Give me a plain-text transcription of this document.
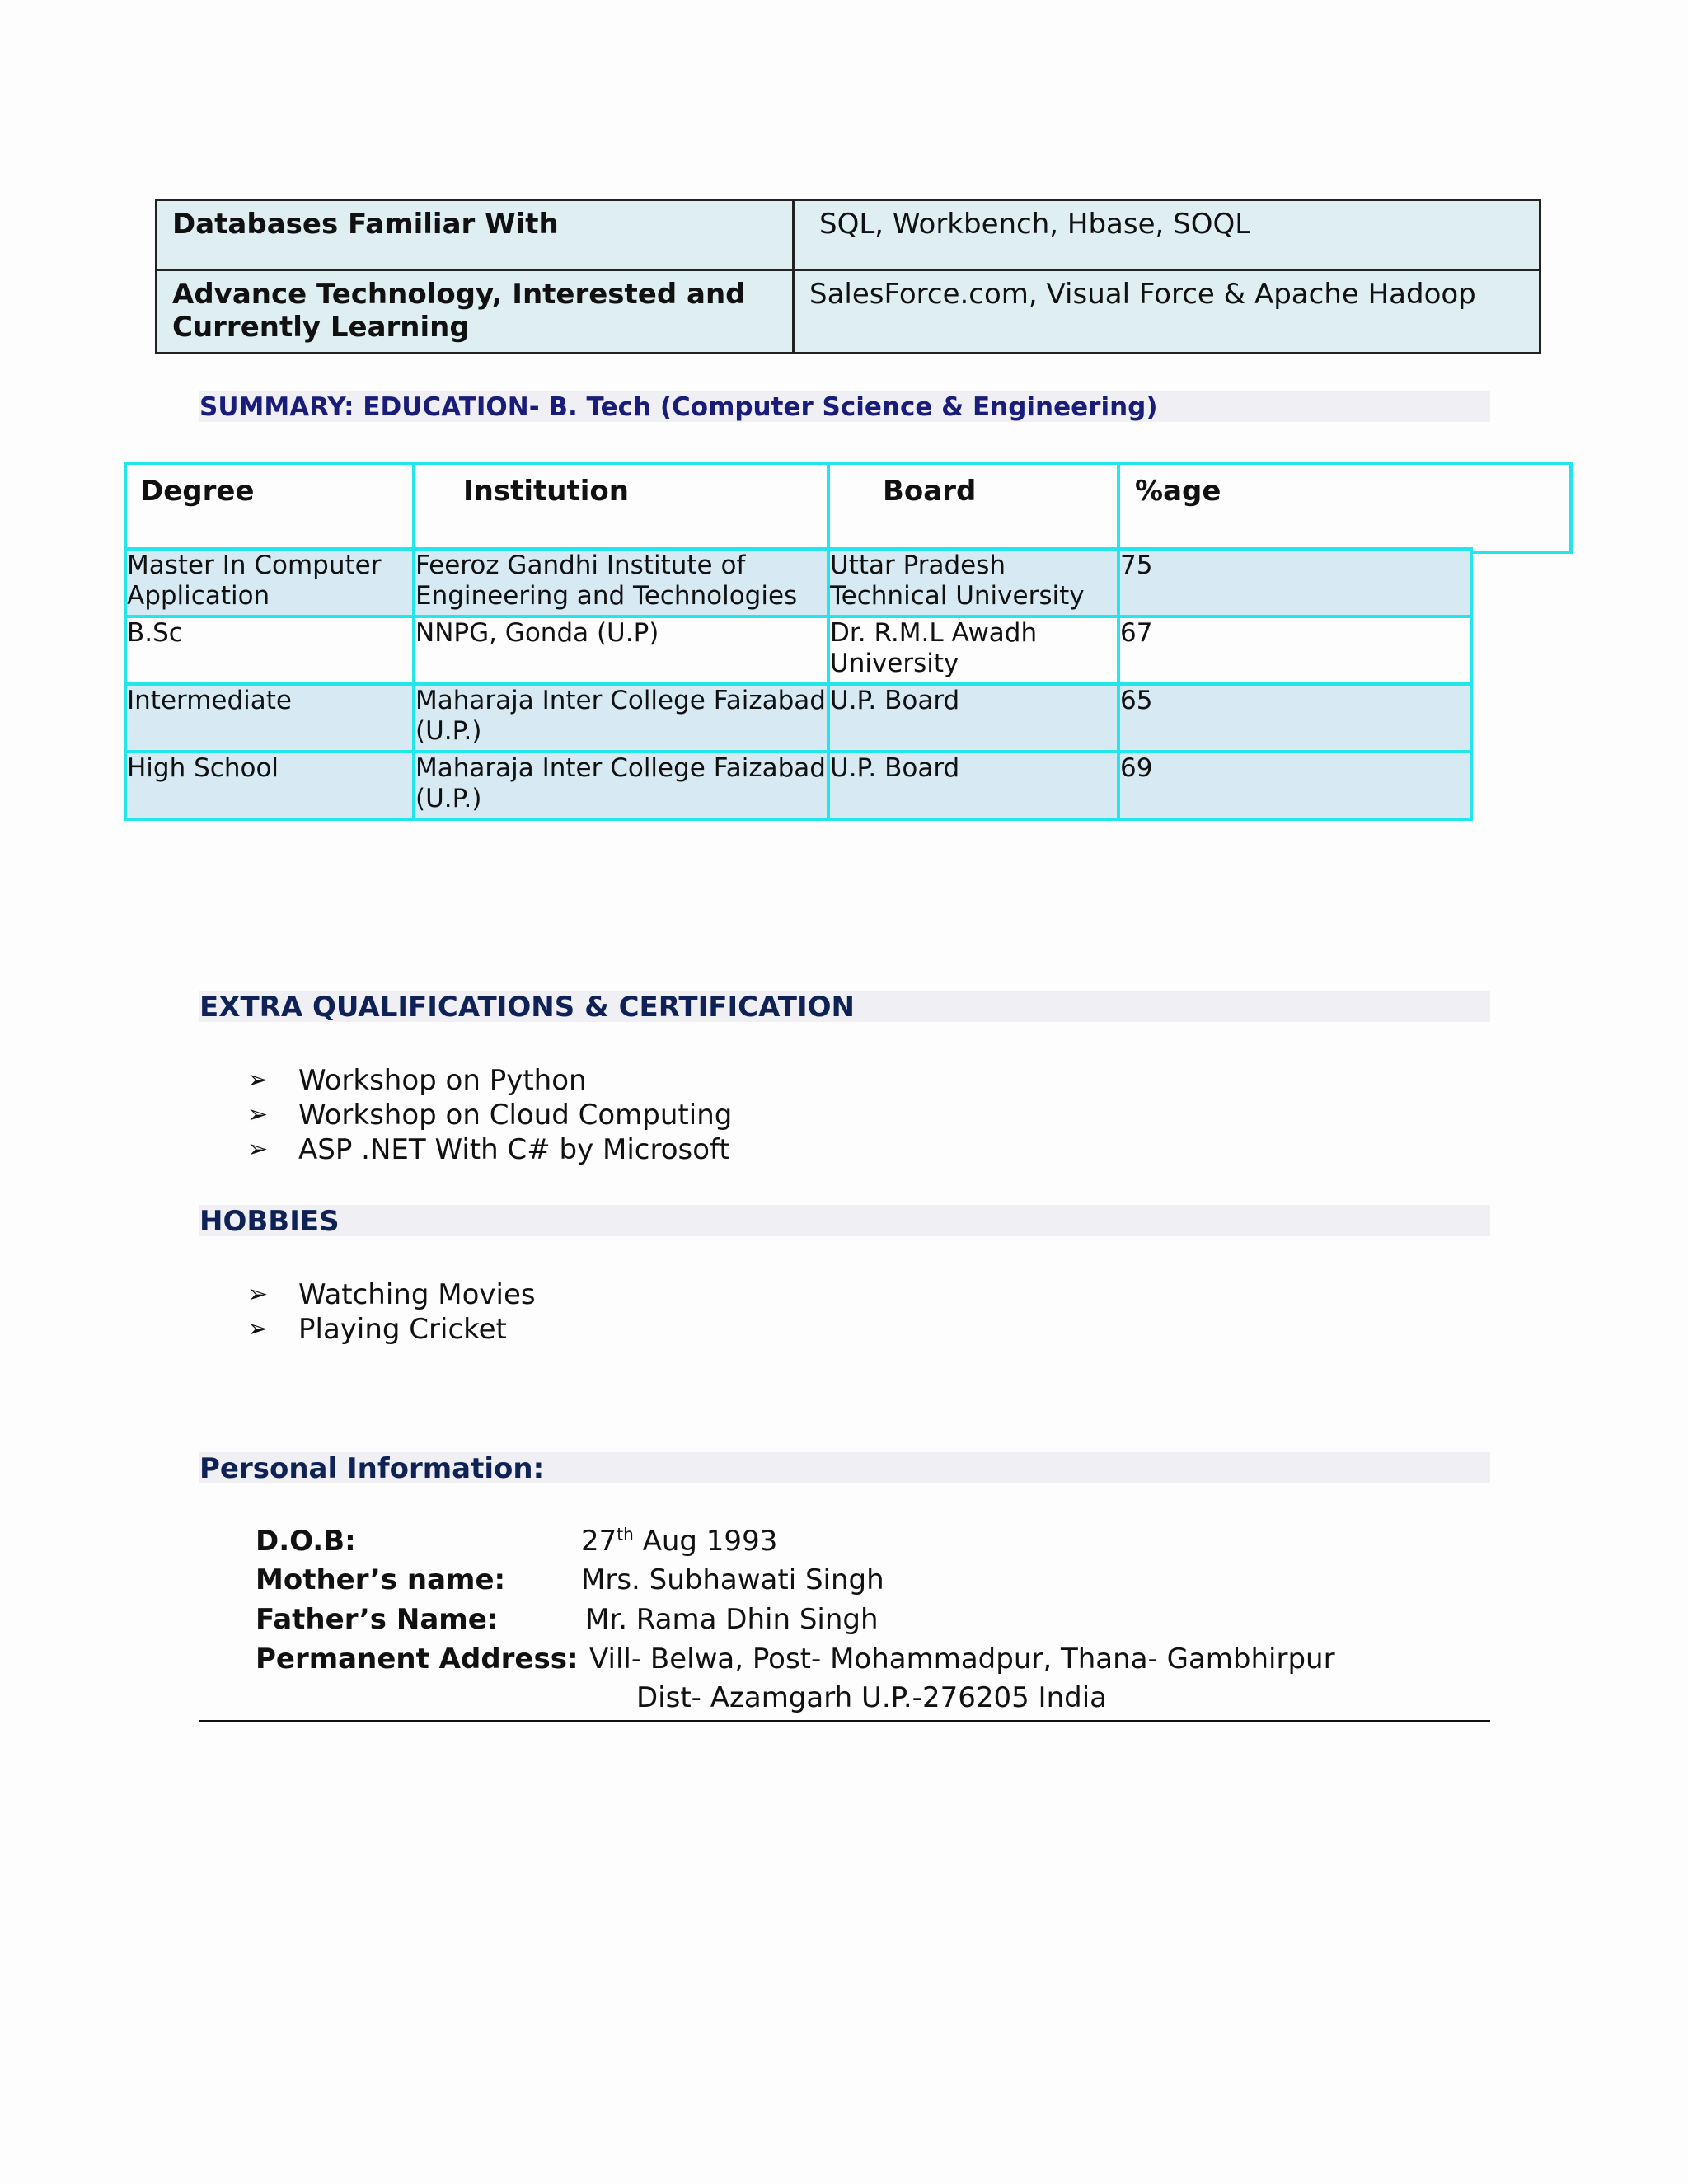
Databases Familiar With	SQL, Workbench, Hbase, SOQL
Advance Technology, Interested and Currently Learning	SalesForce.com, Visual Force & Apache Hadoop
SUMMARY: EDUCATION- B. Tech (Computer Science & Engineering)
Degree	Institution	Board	%age
Master In Computer Application	Feeroz Gandhi Institute of Engineering and Technologies	Uttar Pradesh Technical University	75
B.Sc	NNPG, Gonda (U.P)	Dr. R.M.L Awadh University	67
Intermediate	Maharaja Inter College Faizabad (U.P.)	U.P. Board	65
High School	Maharaja Inter College Faizabad (U.P.)	U.P. Board	69
EXTRA QUALIFICATIONS & CERTIFICATION
➢	Workshop on Python
➢	Workshop on Cloud Computing
➢	ASP .NET With C# by Microsoft
HOBBIES
➢	Watching Movies
➢	Playing Cricket
Personal Information:
D.O.B:	27th Aug 1993
Mother’s name:	Mrs. Subhawati Singh
Father’s Name:	Mr. Rama Dhin Singh
Permanent Address: Vill- Belwa, Post- Mohammadpur, Thana- Gambhirpur
Dist- Azamgarh U.P.-276205 India
